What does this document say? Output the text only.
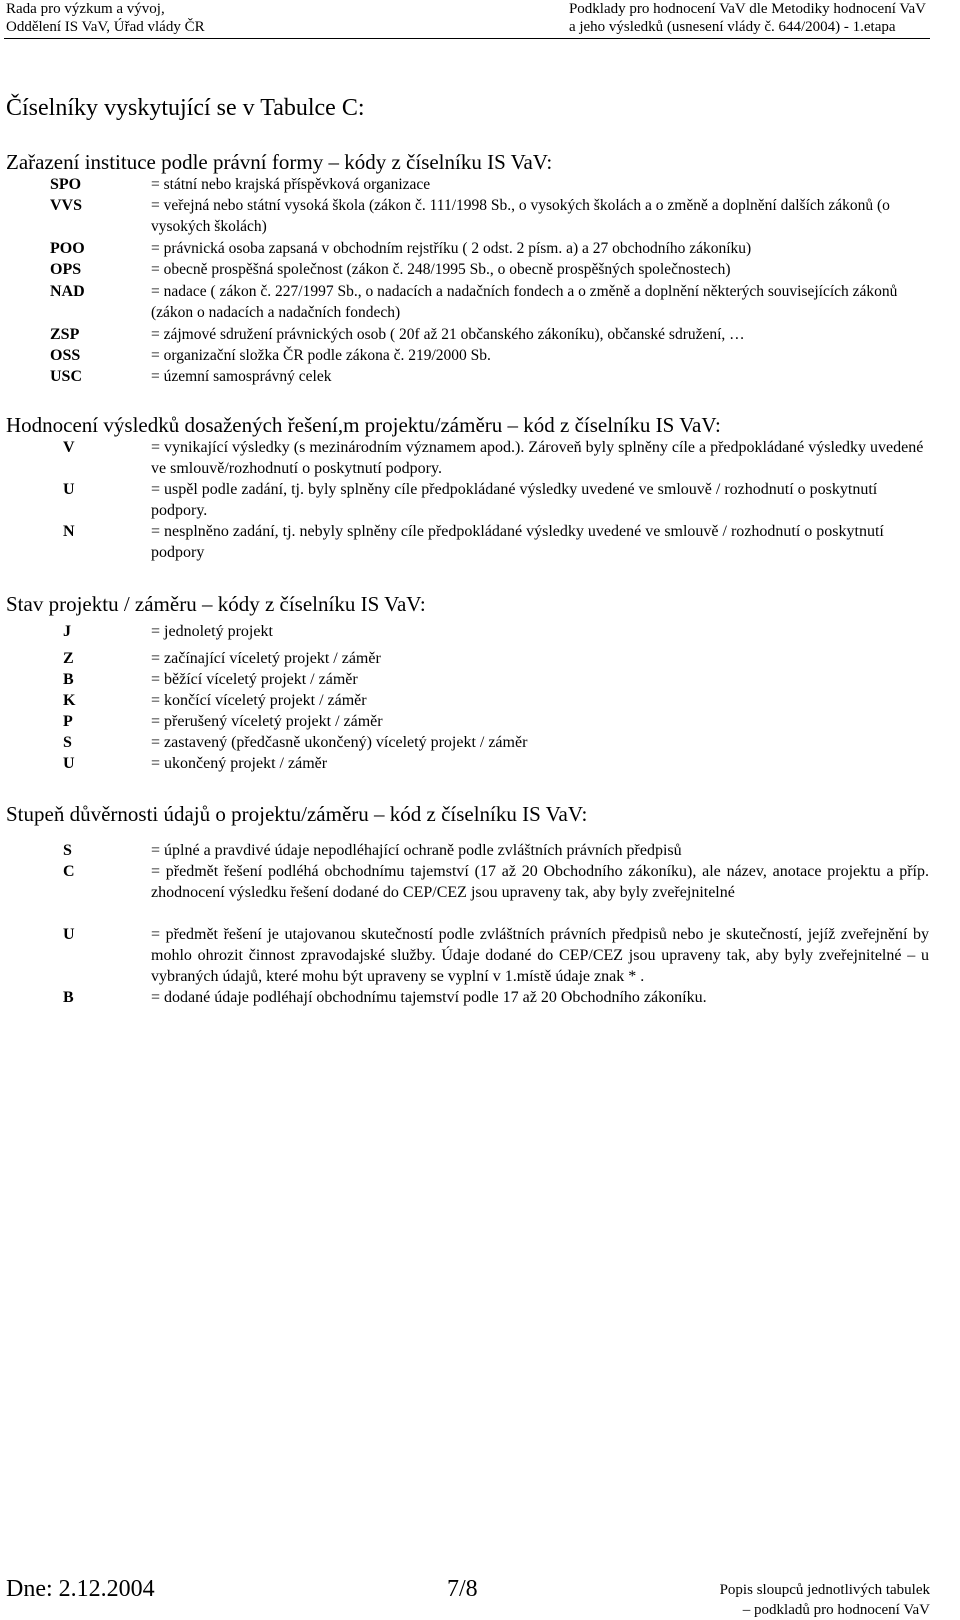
Rada pro výzkum a vývoj,
Oddělení IS VaV, Úřad vlády ČR
Podklady pro hodnocení VaV dle Metodiky hodnocení VaV
a jeho výsledků (usnesení vlády č. 644/2004) - 1.etapa
Číselníky vyskytující se v Tabulce C:
Zařazení instituce podle právní formy – kódy z číselníku IS VaV:
SPO	= státní nebo krajská příspěvková organizace
VVS	= veřejná nebo státní vysoká škola (zákon č. 111/1998 Sb., o vysokých školách a o změně a doplnění dalších zákonů (o vysokých školách)
POO	= právnická osoba zapsaná v obchodním rejstříku ( 2 odst. 2 písm. a) a 27 obchodního zákoníku)
OPS	= obecně prospěšná společnost (zákon č. 248/1995 Sb., o obecně prospěšných společnostech)
NAD	= nadace ( zákon č. 227/1997 Sb., o nadacích a nadačních fondech a o změně a doplnění některých souvisejících zákonů (zákon o nadacích a nadačních fondech)
ZSP	= zájmové sdružení právnických osob ( 20f až 21 občanského zákoníku), občanské sdružení, …
OSS	= organizační složka ČR podle zákona č. 219/2000 Sb.
USC	= územní samosprávný celek
Hodnocení výsledků dosažených řešení,m projektu/záměru – kód z číselníku IS VaV:
V	= vynikající výsledky (s mezinárodním významem apod.). Zároveň byly splněny cíle a předpokládané výsledky uvedené ve smlouvě/rozhodnutí o poskytnutí podpory.
U	= uspěl podle zadání, tj. byly splněny cíle předpokládané výsledky uvedené ve smlouvě / rozhodnutí o poskytnutí podpory.
N	= nesplněno zadání, tj. nebyly splněny cíle předpokládané výsledky uvedené ve smlouvě / rozhodnutí o poskytnutí podpory
Stav projektu / záměru – kódy z číselníku IS VaV:
J	= jednoletý projekt
Z	= začínající víceletý projekt / záměr
B	= běžící víceletý projekt / záměr
K	= končící víceletý projekt / záměr
P	= přerušený víceletý projekt / záměr
S	= zastavený (předčasně ukončený) víceletý projekt / záměr
U	= ukončený projekt / záměr
Stupeň důvěrnosti údajů o projektu/záměru – kód z číselníku IS VaV:
S	= úplné a pravdivé údaje nepodléhající ochraně podle zvláštních právních předpisů
C	= předmět řešení podléhá obchodnímu tajemství (17 až 20 Obchodního zákoníku), ale název, anotace projektu a příp. zhodnocení výsledku řešení dodané do CEP/CEZ jsou upraveny tak, aby byly zveřejnitelné
U	= předmět řešení je utajovanou skutečností podle zvláštních právních předpisů nebo je skutečností, jejíž zveřejnění by mohlo ohrozit činnost zpravodajské služby. Údaje dodané do CEP/CEZ jsou upraveny tak, aby byly zveřejnitelné – u vybraných údajů, které mohu být upraveny se vyplní v 1.místě údaje znak * .
B	= dodané údaje podléhají obchodnímu tajemství podle 17 až 20 Obchodního zákoníku.
Dne: 2.12.2004	7/8	Popis sloupců jednotlivých tabulek
– podkladů pro hodnocení VaV
